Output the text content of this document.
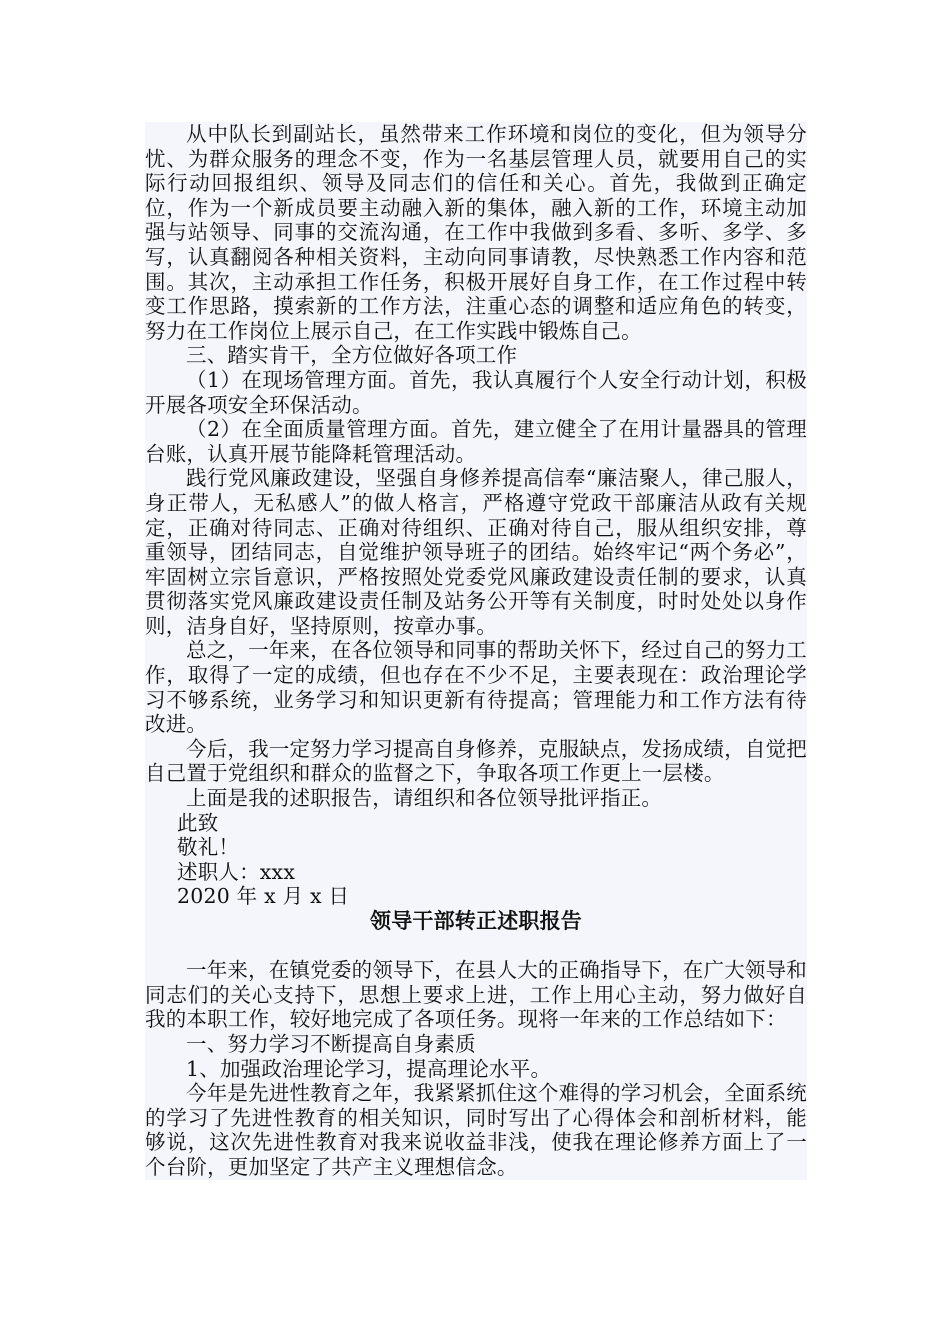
从中队长到副站长，虽然带来工作环境和岗位的变化，但为领导分忧、为群众服务的理念不变，作为一名基层管理人员，就要用自己的实际行动回报组织、领导及同志们的信任和关心。首先，我做到正确定位，作为一个新成员要主动融入新的集体，融入新的工作，环境主动加强与站领导、同事的交流沟通，在工作中我做到多看、多听、多学、多写，认真翻阅各种相关资料，主动向同事请教，尽快熟悉工作内容和范围。其次，主动承担工作任务，积极开展好自身工作，在工作过程中转变工作思路，摸索新的工作方法，注重心态的调整和适应角色的转变，努力在工作岗位上展示自己，在工作实践中锻炼自己。

三、踏实肯干，全方位做好各项工作

（1）在现场管理方面。首先，我认真履行个人安全行动计划，积极开展各项安全环保活动。

（2）在全面质量管理方面。首先，建立健全了在用计量器具的管理台账，认真开展节能降耗管理活动。

践行党风廉政建设，坚强自身修养提高信奉“廉洁聚人，律己服人，身正带人，无私感人”的做人格言，严格遵守党政干部廉洁从政有关规定，正确对待同志、正确对待组织、正确对待自己，服从组织安排，尊重领导，团结同志，自觉维护领导班子的团结。始终牢记“两个务必”，牢固树立宗旨意识，严格按照处党委党风廉政建设责任制的要求，认真贯彻落实党风廉政建设责任制及站务公开等有关制度，时时处处以身作则，洁身自好，坚持原则，按章办事。

总之，一年来，在各位领导和同事的帮助关怀下，经过自己的努力工作，取得了一定的成绩，但也存在不少不足，主要表现在：政治理论学习不够系统，业务学习和知识更新有待提高；管理能力和工作方法有待改进。

今后，我一定努力学习提高自身修养，克服缺点，发扬成绩，自觉把自己置于党组织和群众的监督之下，争取各项工作更上一层楼。

上面是我的述职报告，请组织和各位领导批评指正。

此致

敬礼！

述职人：xxx

2020 年 x 月 x 日

领导干部转正述职报告

一年来，在镇党委的领导下，在县人大的正确指导下，在广大领导和同志们的关心支持下，思想上要求上进，工作上用心主动，努力做好自我的本职工作，较好地完成了各项任务。现将一年来的工作总结如下：

一、努力学习不断提高自身素质

1、加强政治理论学习，提高理论水平。

今年是先进性教育之年，我紧紧抓住这个难得的学习机会，全面系统的学习了先进性教育的相关知识，同时写出了心得体会和剖析材料，能够说，这次先进性教育对我来说收益非浅，使我在理论修养方面上了一个台阶，更加坚定了共产主义理想信念。
